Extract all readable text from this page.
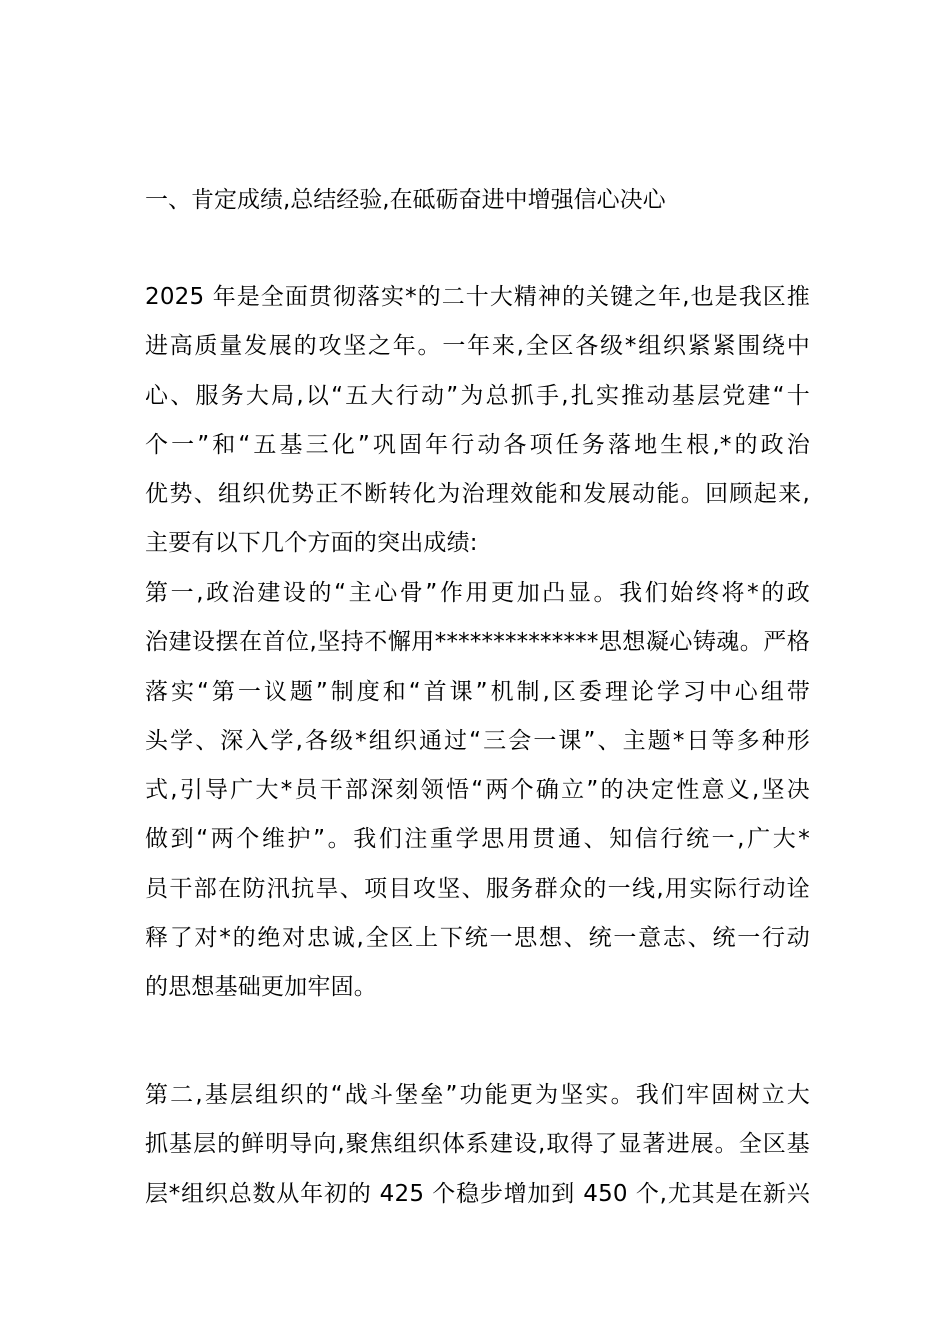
一、肯定成绩,总结经验,在砥砺奋进中增强信心决心
2025 年是全面贯彻落实*的二十大精神的关键之年,也是我区推
进高质量发展的攻坚之年。一年来,全区各级*组织紧紧围绕中
心、服务大局,以“五大行动”为总抓手,扎实推动基层党建“十
个一”和“五基三化”巩固年行动各项任务落地生根,*的政治
优势、组织优势正不断转化为治理效能和发展动能。回顾起来,
主要有以下几个方面的突出成绩:
第一,政治建设的“主心骨”作用更加凸显。我们始终将*的政
治建设摆在首位,坚持不懈用**************思想凝心铸魂。严格
落实“第一议题”制度和“首课”机制,区委理论学习中心组带
头学、深入学,各级*组织通过“三会一课”、主题*日等多种形
式,引导广大*员干部深刻领悟“两个确立”的决定性意义,坚决
做到“两个维护”。我们注重学思用贯通、知信行统一,广大*
员干部在防汛抗旱、项目攻坚、服务群众的一线,用实际行动诠
释了对*的绝对忠诚,全区上下统一思想、统一意志、统一行动
的思想基础更加牢固。
第二,基层组织的“战斗堡垒”功能更为坚实。我们牢固树立大
抓基层的鲜明导向,聚焦组织体系建设,取得了显著进展。全区基
层*组织总数从年初的 425 个稳步增加到 450 个,尤其是在新兴
